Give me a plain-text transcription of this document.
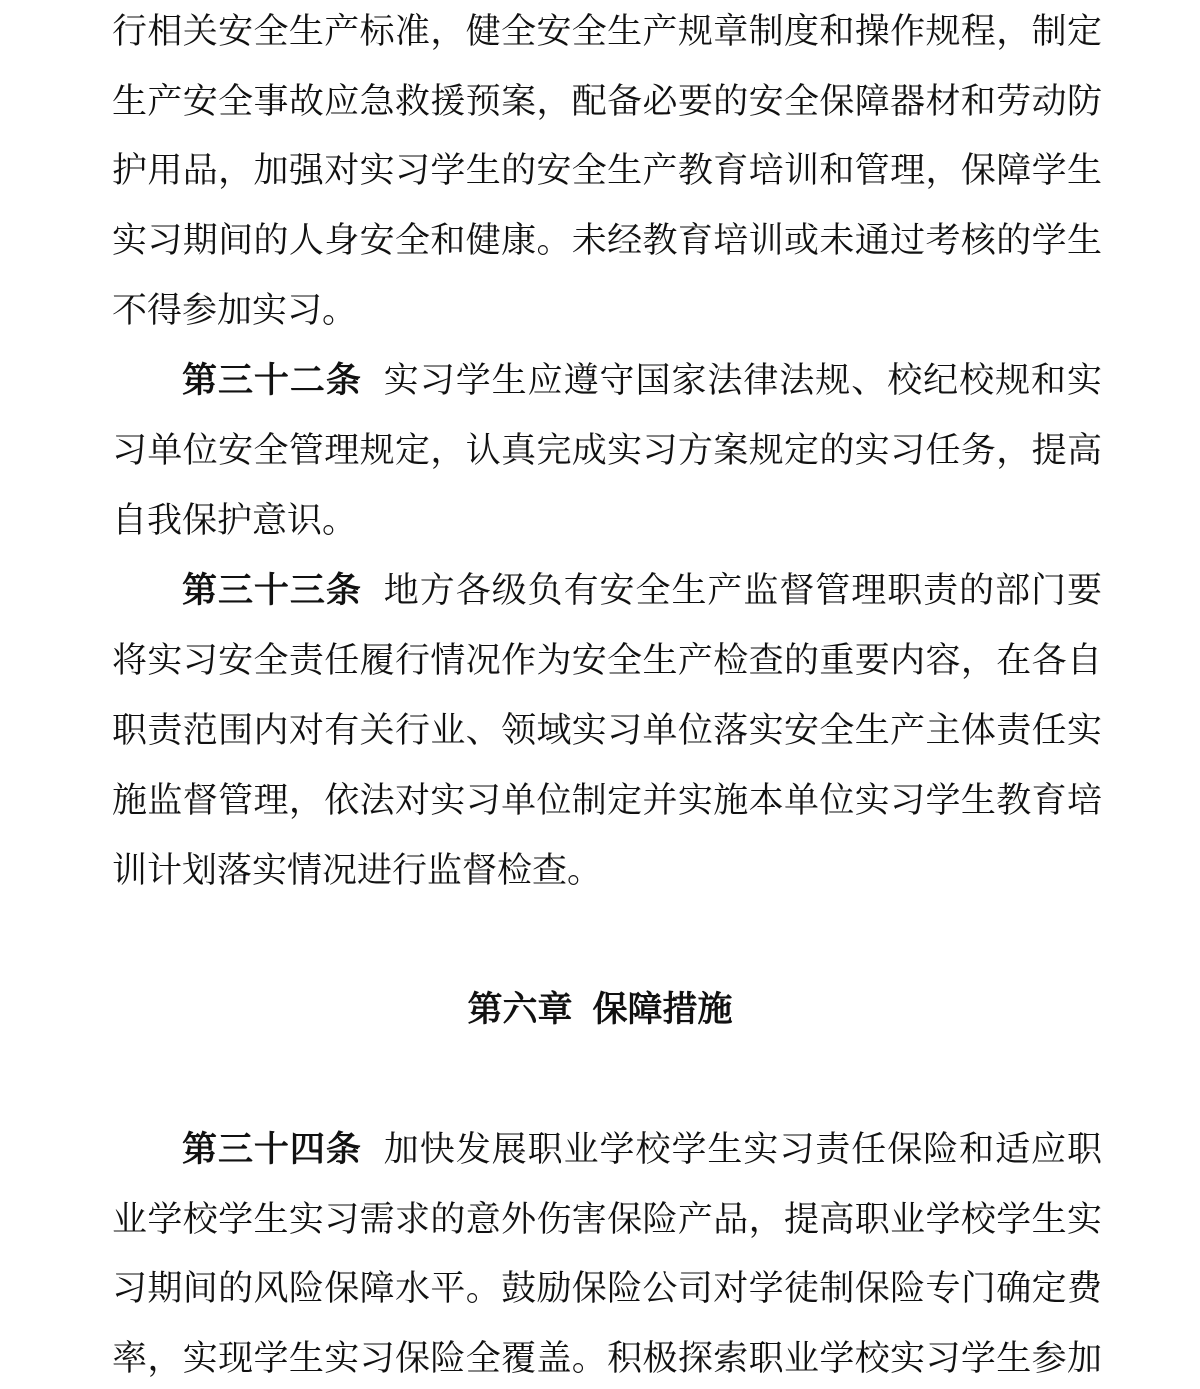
行相关安全生产标准，健全安全生产规章制度和操作规程，制定
生产安全事故应急救援预案，配备必要的安全保障器材和劳动防
护用品，加强对实习学生的安全生产教育培训和管理，保障学生
实习期间的人身安全和健康。未经教育培训或未通过考核的学生
不得参加实习。
第三十二条 实习学生应遵守国家法律法规、校纪校规和实
习单位安全管理规定，认真完成实习方案规定的实习任务，提高
自我保护意识。
第三十三条 地方各级负有安全生产监督管理职责的部门要
将实习安全责任履行情况作为安全生产检查的重要内容，在各自
职责范围内对有关行业、领域实习单位落实安全生产主体责任实
施监督管理，依法对实习单位制定并实施本单位实习学生教育培
训计划落实情况进行监督检查。
第三十四条 加快发展职业学校学生实习责任保险和适应职
业学校学生实习需求的意外伤害保险产品，提高职业学校学生实
习期间的风险保障水平。鼓励保险公司对学徒制保险专门确定费
率，实现学生实习保险全覆盖。积极探索职业学校实习学生参加
第六章 保障措施
